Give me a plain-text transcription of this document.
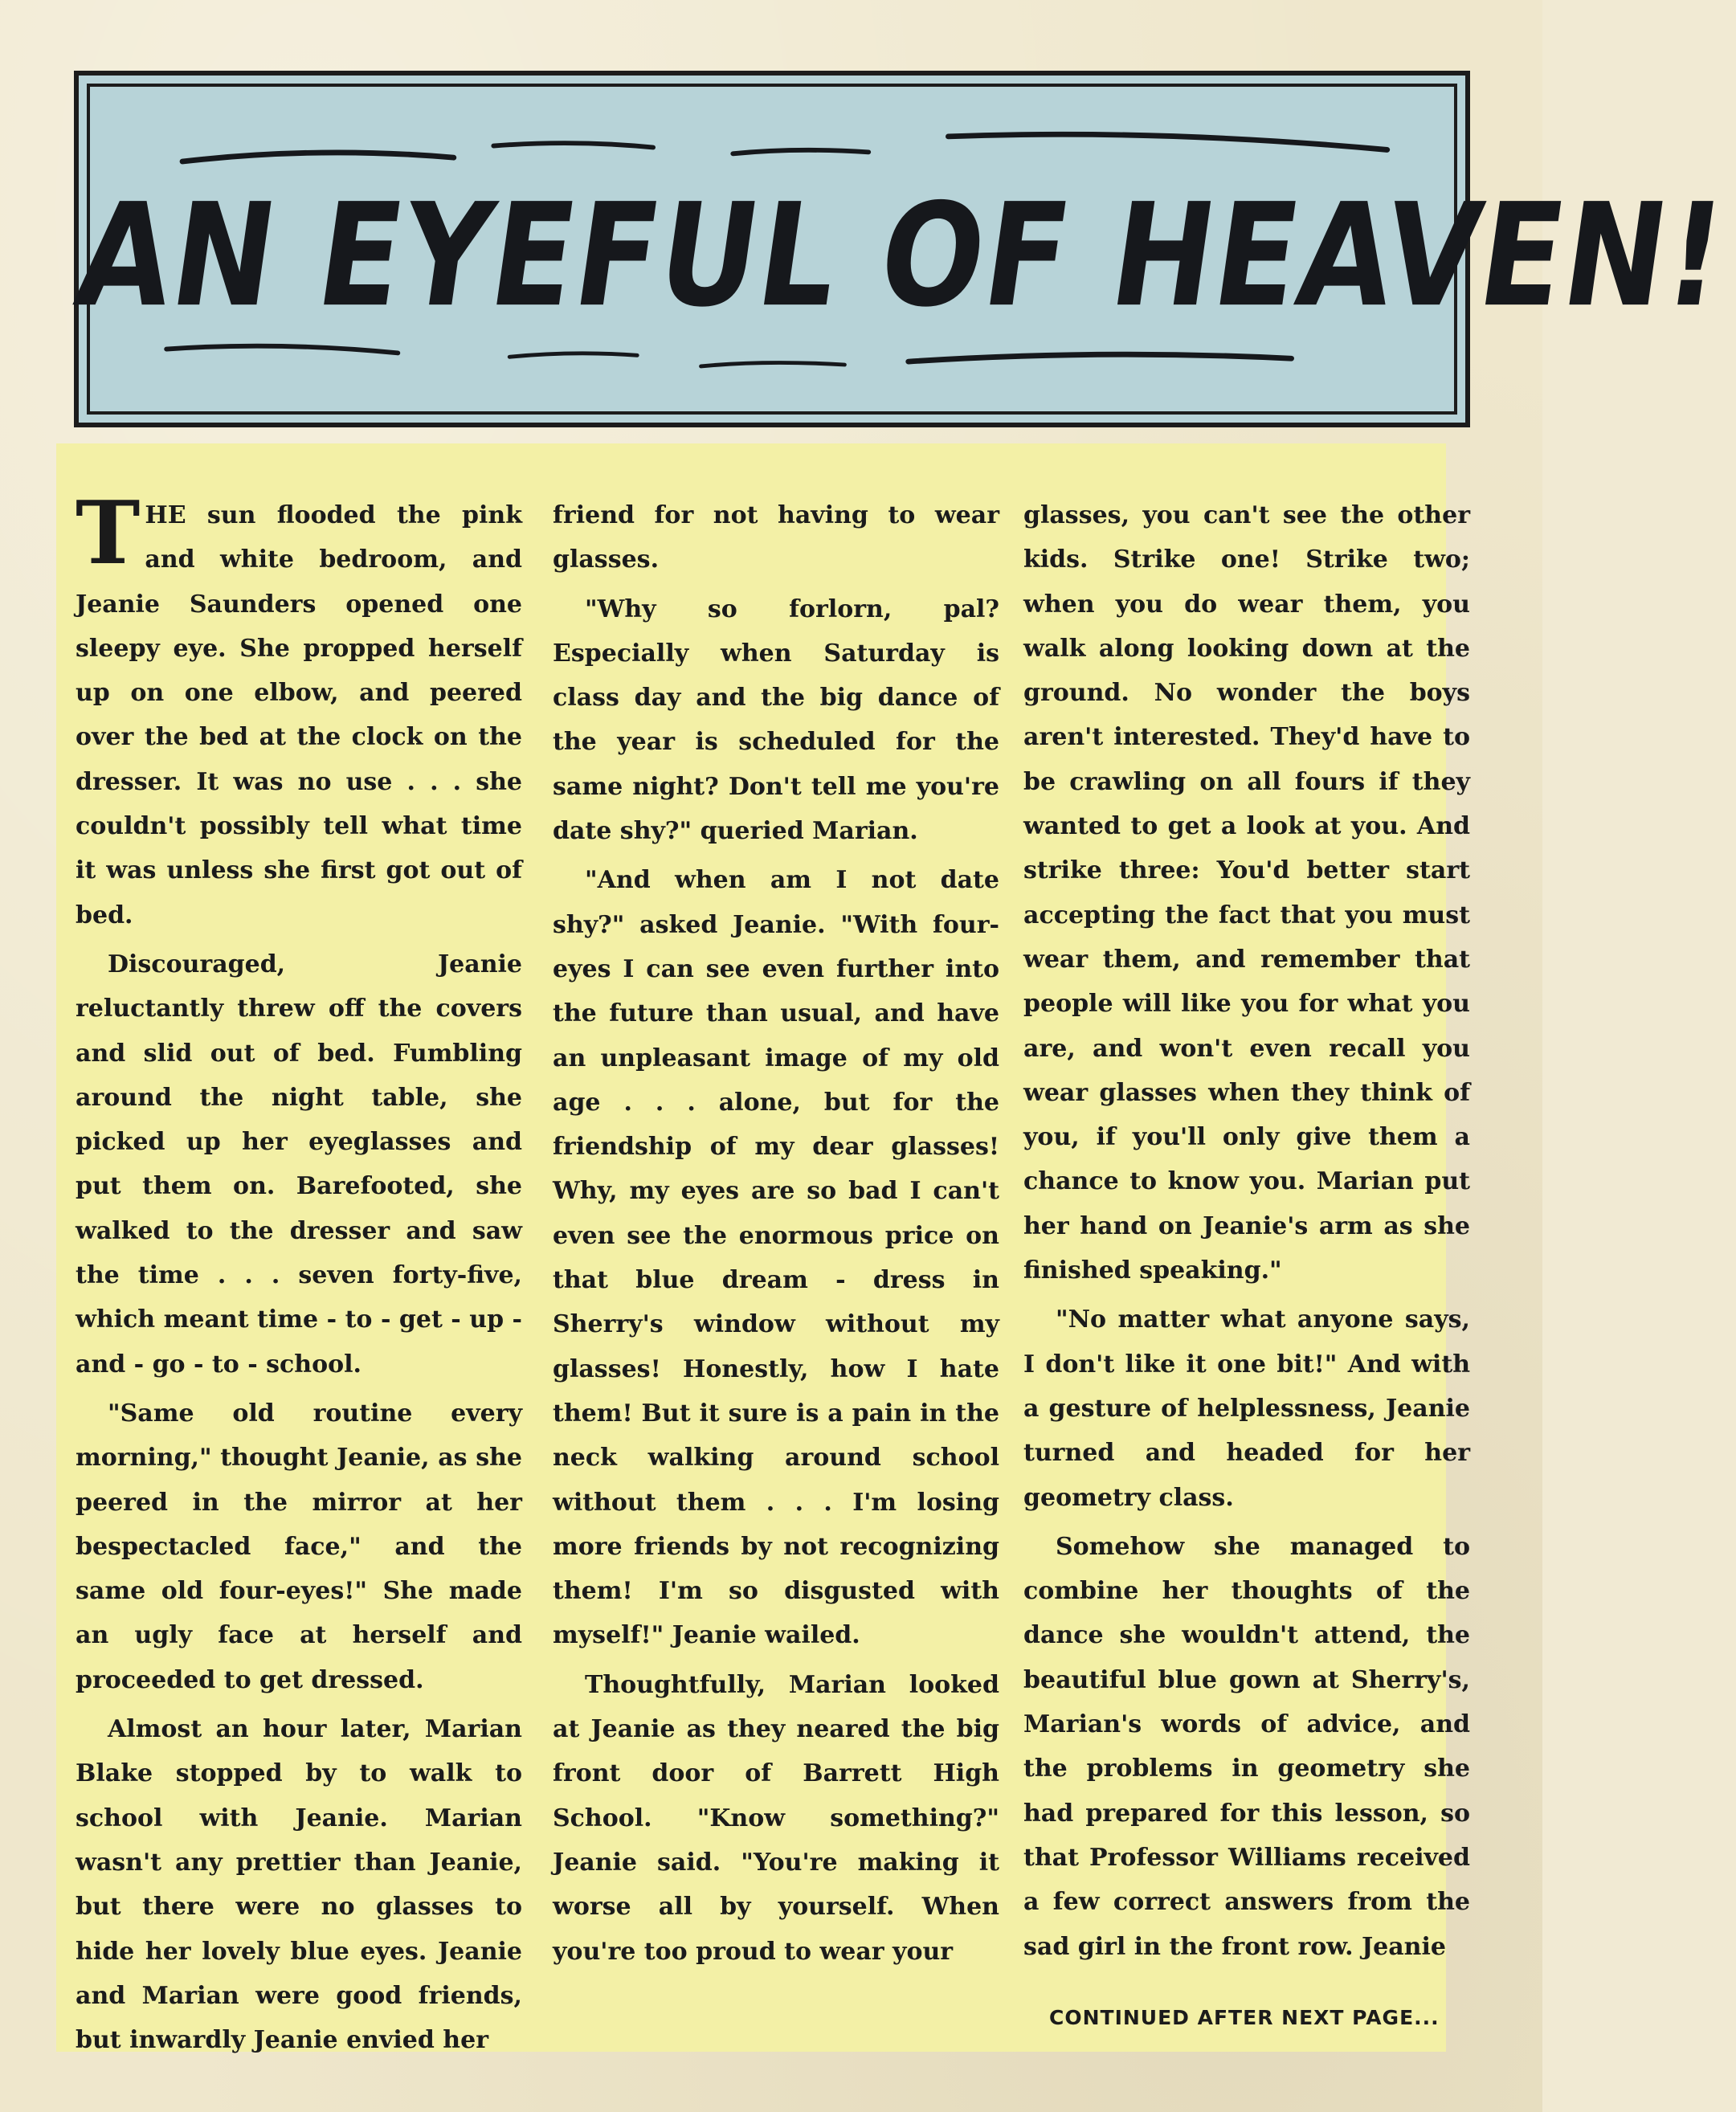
AN EYEFUL OF HEAVEN!

THE sun flooded the pink and white bedroom, and Jeanie Saunders opened one sleepy eye. She propped herself up on one elbow, and peered over the bed at the clock on the dresser. It was no use . . . she couldn't possibly tell what time it was unless she first got out of bed.

Discouraged, Jeanie reluctantly threw off the covers and slid out of bed. Fumbling around the night table, she picked up her eyeglasses and put them on. Barefooted, she walked to the dresser and saw the time . . . seven forty-five, which meant time - to - get - up - and - go - to - school.

"Same old routine every morning," thought Jeanie, as she peered in the mirror at her bespectacled face," and the same old four-eyes!" She made an ugly face at herself and proceeded to get dressed.

Almost an hour later, Marian Blake stopped by to walk to school with Jeanie. Marian wasn't any prettier than Jeanie, but there were no glasses to hide her lovely blue eyes. Jeanie and Marian were good friends, but inwardly Jeanie envied her

friend for not having to wear glasses.

"Why so forlorn, pal? Especially when Saturday is class day and the big dance of the year is scheduled for the same night? Don't tell me you're date shy?" queried Marian.

"And when am I not date shy?" asked Jeanie. "With four-eyes I can see even further into the future than usual, and have an unpleasant image of my old age . . . alone, but for the friendship of my dear glasses! Why, my eyes are so bad I can't even see the enormous price on that blue dream - dress in Sherry's window without my glasses! Honestly, how I hate them! But it sure is a pain in the neck walking around school without them . . . I'm losing more friends by not recognizing them! I'm so disgusted with myself!" Jeanie wailed.

Thoughtfully, Marian looked at Jeanie as they neared the big front door of Barrett High School. "Know something?" Jeanie said. "You're making it worse all by yourself. When you're too proud to wear your

glasses, you can't see the other kids. Strike one! Strike two; when you do wear them, you walk along looking down at the ground. No wonder the boys aren't interested. They'd have to be crawling on all fours if they wanted to get a look at you. And strike three: You'd better start accepting the fact that you must wear them, and remember that people will like you for what you are, and won't even recall you wear glasses when they think of you, if you'll only give them a chance to know you. Marian put her hand on Jeanie's arm as she finished speaking."

"No matter what anyone says, I don't like it one bit!" And with a gesture of helplessness, Jeanie turned and headed for her geometry class.

Somehow she managed to combine her thoughts of the dance she wouldn't attend, the beautiful blue gown at Sherry's, Marian's words of advice, and the problems in geometry she had prepared for this lesson, so that Professor Williams received a few correct answers from the sad girl in the front row. Jeanie

CONTINUED AFTER NEXT PAGE...
